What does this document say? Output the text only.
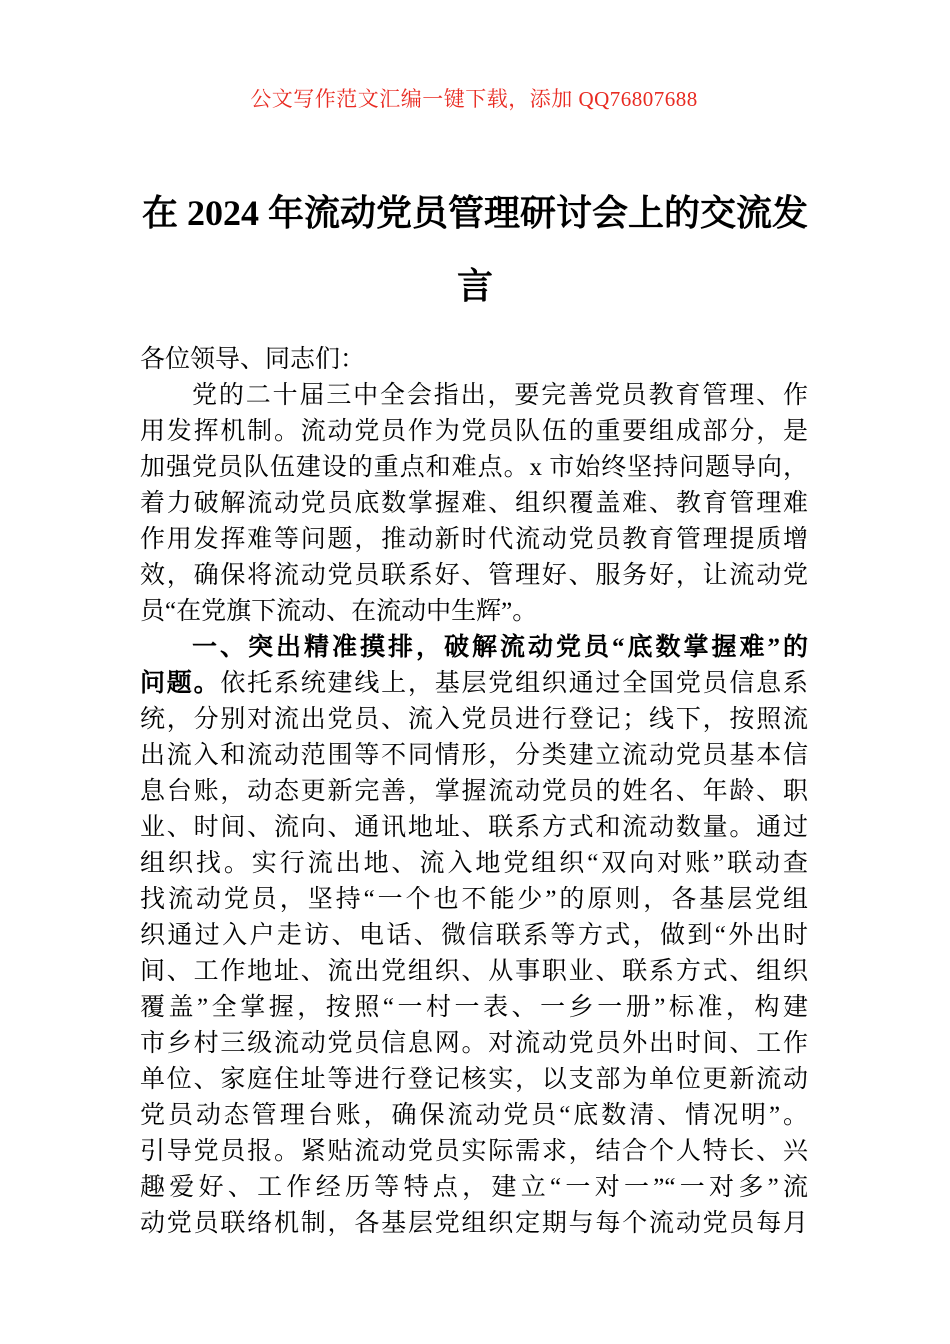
公文写作范文汇编一键下载，添加 QQ76807688
在 2024 年流动党员管理研讨会上的交流发
言
各位领导、同志们：
党的二十届三中全会指出，要完善党员教育管理、作
用发挥机制。流动党员作为党员队伍的重要组成部分，是
加强党员队伍建设的重点和难点。x 市始终坚持问题导向，
着力破解流动党员底数掌握难、组织覆盖难、教育管理难
作用发挥难等问题，推动新时代流动党员教育管理提质增
效，确保将流动党员联系好、管理好、服务好，让流动党
员“在党旗下流动、在流动中生辉”。
一、突出精准摸排，破解流动党员“底数掌握难”的
问题。依托系统建线上，基层党组织通过全国党员信息系
统，分别对流出党员、流入党员进行登记；线下，按照流
出流入和流动范围等不同情形，分类建立流动党员基本信
息台账，动态更新完善，掌握流动党员的姓名、年龄、职
业、时间、流向、通讯地址、联系方式和流动数量。通过
组织找。实行流出地、流入地党组织“双向对账”联动查
找流动党员，坚持“一个也不能少”的原则，各基层党组
织通过入户走访、电话、微信联系等方式，做到“外出时
间、工作地址、流出党组织、从事职业、联系方式、组织
覆盖”全掌握，按照“一村一表、一乡一册”标准，构建
市乡村三级流动党员信息网。对流动党员外出时间、工作
单位、家庭住址等进行登记核实，以支部为单位更新流动
党员动态管理台账，确保流动党员“底数清、情况明”。
引导党员报。紧贴流动党员实际需求，结合个人特长、兴
趣爱好、工作经历等特点，建立“一对一”“一对多”流
动党员联络机制，各基层党组织定期与每个流动党员每月
